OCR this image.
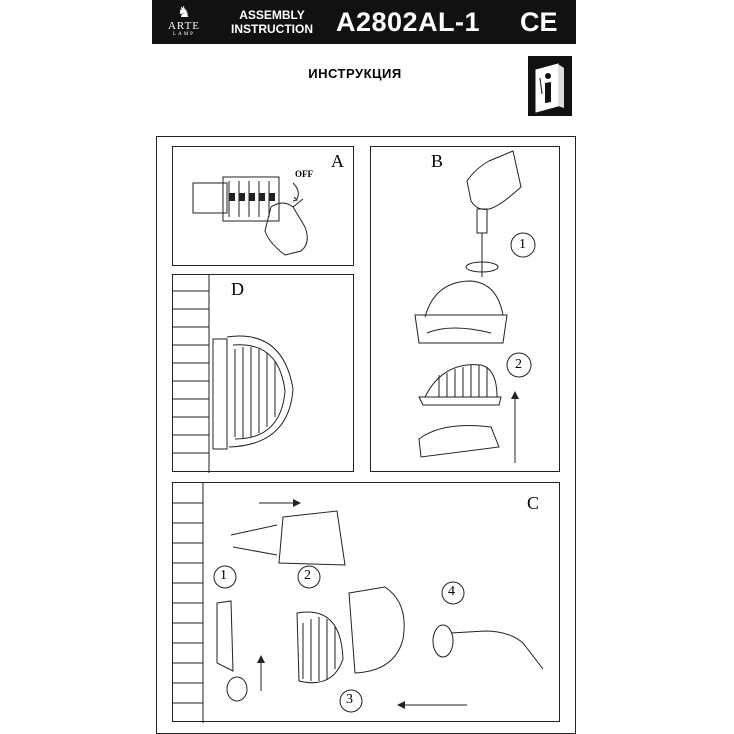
♞
ARTE
LAMP
ASSEMBLY
INSTRUCTION A2802AL-1 CE
ИНСТРУКЦИЯ
A
OFF
B
1
2
D
C
1	2
3
4
